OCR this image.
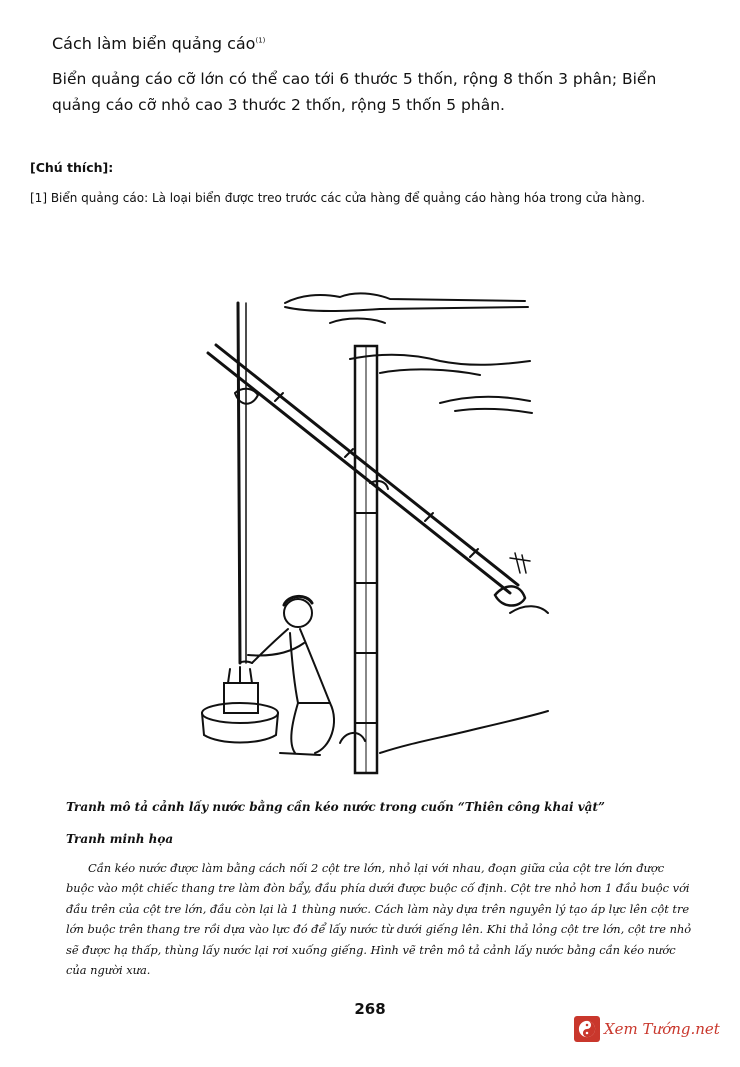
Cách làm biển quảng cáo$^{(1)}$
Biển quảng cáo cỡ lớn có thể cao tới 6 thước 5 thốn, rộng 8 thốn 3 phân; Biển quảng cáo cỡ nhỏ cao 3 thước 2 thốn, rộng 5 thốn 5 phân.
[Chú thích]:
[1] Biển quảng cáo: Là loại biển được treo trước các cửa hàng để quảng cáo hàng hóa trong cửa hàng.
Tranh mô tả cảnh lấy nước bằng cần kéo nước trong cuốn “Thiên công khai vật”
Tranh minh họa
Cần kéo nước được làm bằng cách nối 2 cột tre lớn, nhỏ lại với nhau, đoạn giữa của cột tre lớn được buộc vào một chiếc thang tre làm đòn bẩy, đầu phía dưới được buộc cố định. Cột tre nhỏ hơn 1 đầu buộc với đầu trên của cột tre lớn, đầu còn lại là 1 thùng nước. Cách làm này dựa trên nguyên lý tạo áp lực lên cột tre lớn buộc trên thang tre rồi dựa vào lực đó để lấy nước từ dưới giếng lên. Khi thả lỏng cột tre lớn, cột tre nhỏ sẽ được hạ thấp, thùng lấy nước lại rơi xuống giếng. Hình vẽ trên mô tả cảnh lấy nước bằng cần kéo nước của người xưa.
268
Xem Tướng.net
